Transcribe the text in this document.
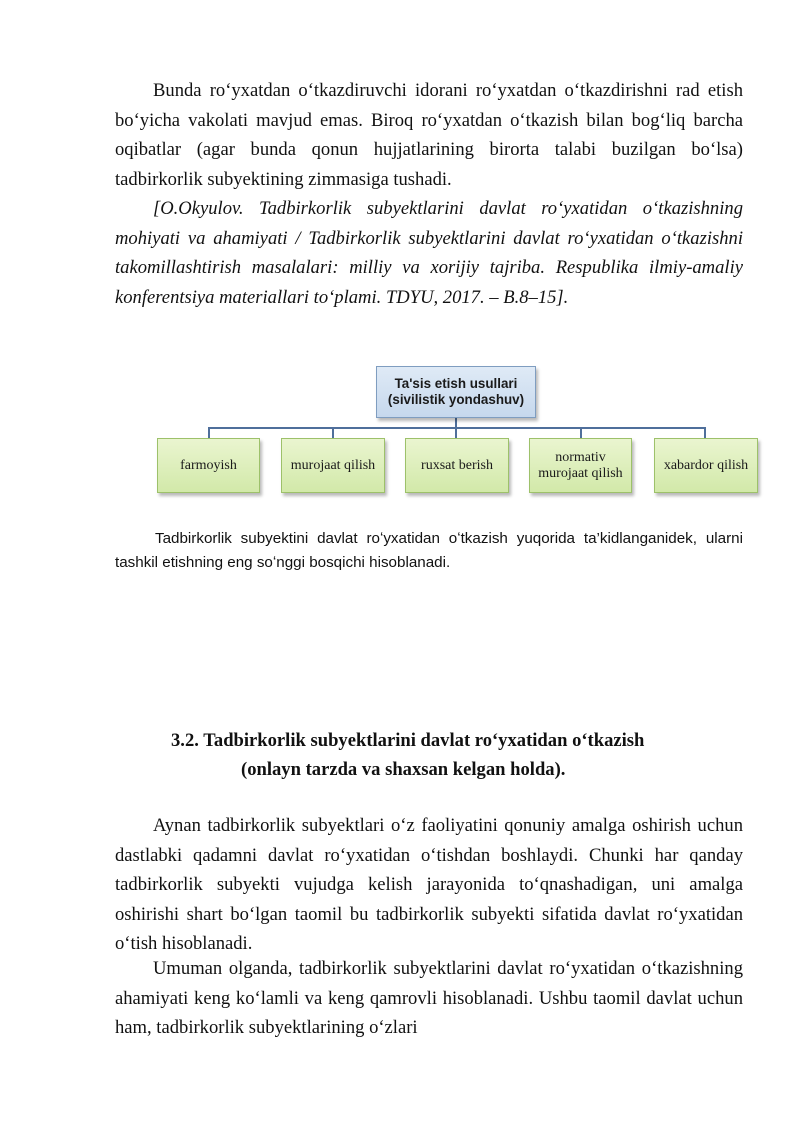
Bunda roʻyxatdan oʻtkazdiruvchi idorani roʻyxatdan oʻtkazdirishni rad etish boʻyicha vakolati mavjud emas. Biroq roʻyxatdan oʻtkazish bilan bogʻliq barcha oqibatlar (agar bunda qonun hujjatlarining birorta talabi buzilgan boʻlsa) tadbirkorlik subyektining zimmasiga tushadi.

[O.Okyulov. Tadbirkorlik subyektlarini davlat roʻyxatidan oʻtkazishning mohiyati va ahamiyati / Tadbirkorlik subyektlarini davlat roʻyxatidan oʻtkazishni takomillashtirish masalalari: milliy va xorijiy tajriba. Respublika ilmiy-amaliy konferentsiya materiallari toʻplami. TDYU, 2017. – B.8–15].

Ta'sis etish usullari
(sivilistik yondashuv)
farmoyish	murojaat qilish	ruxsat berish
normativ
murojaat qilish
xabardor qilish

Tadbirkorlik subyektini davlat roʻyxatidan oʻtkazish yuqorida ta’kidlanganidek, ularni tashkil etishning eng soʻnggi bosqichi hisoblanadi.

3.2. Tadbirkorlik subyektlarini davlat roʻyxatidan oʻtkazish
(onlayn tarzda va shaxsan kelgan holda).

Aynan tadbirkorlik subyektlari oʻz faoliyatini qonuniy amalga oshirish uchun dastlabki qadamni davlat roʻyxatidan oʻtishdan boshlaydi. Chunki har qanday tadbirkorlik subyekti vujudga kelish jarayonida toʻqnashadigan, uni amalga oshirishi shart boʻlgan taomil bu tadbirkorlik subyekti sifatida davlat roʻyxatidan oʻtish hisoblanadi.

Umuman olganda, tadbirkorlik subyektlarini davlat roʻyxatidan oʻtkazishning ahamiyati keng koʻlamli va keng qamrovli hisoblanadi. Ushbu taomil davlat uchun ham, tadbirkorlik subyektlarining oʻzlari
